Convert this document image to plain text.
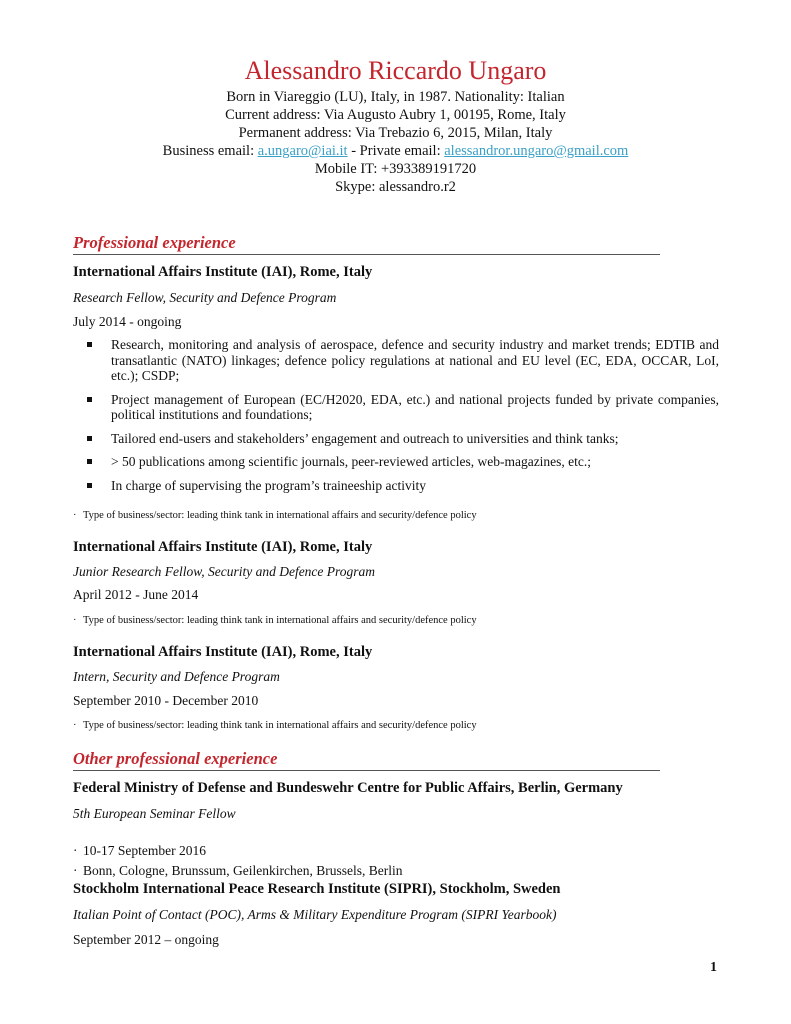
Alessandro Riccardo Ungaro

Born in Viareggio (LU), Italy, in 1987. Nationality: Italian

Current address: Via Augusto Aubry 1, 00195, Rome, Italy

Permanent address: Via Trebazio 6, 2015, Milan, Italy

Business email: a.ungaro@iai.it - Private email: alessandror.ungaro@gmail.com

Mobile IT: +393389191720

Skype: alessandro.r2

Professional experience

International Affairs Institute (IAI), Rome, Italy

Research Fellow, Security and Defence Program

July 2014 - ongoing

Research, monitoring and analysis of aerospace, defence and security industry and market trends; EDTIB and transatlantic (NATO) linkages; defence policy regulations at national and EU level (EC, EDA, OCCAR, LoI, etc.); CSDP;
Project management of European (EC/H2020, EDA, etc.) and national projects funded by private companies, political institutions and foundations;
Tailored end-users and stakeholders’ engagement and outreach to universities and think tanks;
> 50 publications among scientific journals, peer-reviewed articles, web-magazines, etc.;
In charge of supervising the program’s traineeship activity

· Type of business/sector: leading think tank in international affairs and security/defence policy

International Affairs Institute (IAI), Rome, Italy

Junior Research Fellow, Security and Defence Program

April 2012 - June 2014

· Type of business/sector: leading think tank in international affairs and security/defence policy

International Affairs Institute (IAI), Rome, Italy

Intern, Security and Defence Program

September 2010 - December 2010

· Type of business/sector: leading think tank in international affairs and security/defence policy

Other professional experience

Federal Ministry of Defense and Bundeswehr Centre for Public Affairs, Berlin, Germany

5th European Seminar Fellow

· 10-17 September 2016

· Bonn, Cologne, Brunssum, Geilenkirchen, Brussels, Berlin

Stockholm International Peace Research Institute (SIPRI), Stockholm, Sweden

Italian Point of Contact (POC), Arms & Military Expenditure Program (SIPRI Yearbook)

September 2012 – ongoing

1
